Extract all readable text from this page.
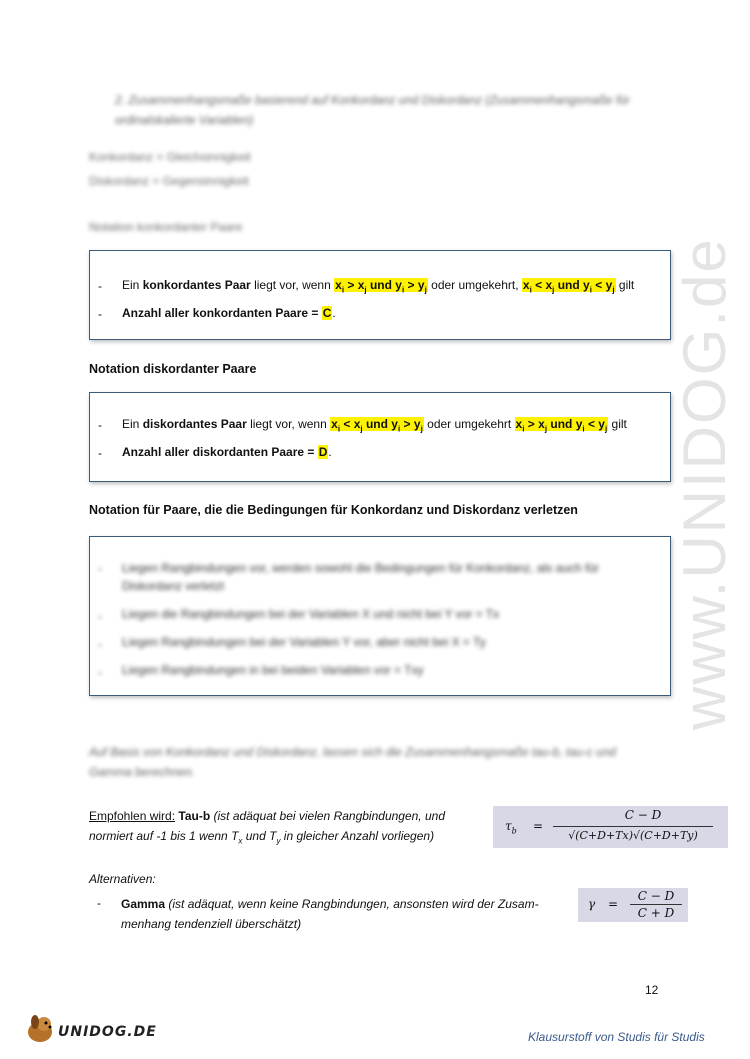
www.UNIDOG.de
2. Zusammenhangsmaße basierend auf Konkordanz und Diskordanz (Zusammenhangsmaße für ordinalskalierte Variablen)
Konkordanz = Gleichsinnigkeit
Diskordanz = Gegensinnigkeit
Notation konkordanter Paare
- Ein konkordantes Paar liegt vor, wenn $x_i > x_j$ und $y_i > y_j$ oder umgekehrt, $x_i < x_j$ und $y_i < y_j$ gilt
- Anzahl aller konkordanten Paare = C.
Notation diskordanter Paare
- Ein diskordantes Paar liegt vor, wenn $x_i < x_j$ und $y_i > y_j$ oder umgekehrt $x_i > x_j$ und $y_i < y_j$ gilt
- Anzahl aller diskordanten Paare = D.
Notation für Paare, die die Bedingungen für Konkordanz und Diskordanz verletzen
- Liegen Rangbindungen vor, werden sowohl die Bedingungen für Konkordanz, als auch für Diskordanz verletzt
- Liegen die Rangbindungen bei der Variablen X und nicht bei Y vor = Tx
- Liegen Rangbindungen bei der Variablen Y vor, aber nicht bei X = Ty
- Liegen Rangbindungen in bei beiden Variablen vor = Txy
Auf Basis von Konkordanz und Diskordanz, lassen sich die Zusammenhangsmaße tau-b, tau-c und Gamma berechnen.
Empfohlen wird: Tau-b (ist adäquat bei vielen Rangbindungen, und
normiert auf -1 bis 1 wenn $T_x$ und $T_y$ in gleicher Anzahl vorliegen)
$\tau_b$ =
C − D
√(C+D+Tx)√(C+D+Ty)
Alternativen:
- Gamma (ist adäquat, wenn keine Rangbindungen, ansonsten wird der Zusam-
menhang tendenziell überschätzt)
γ =
C − D
C + D
12
UNIDOG.DE	Klausurstoff von Studis für Studis
